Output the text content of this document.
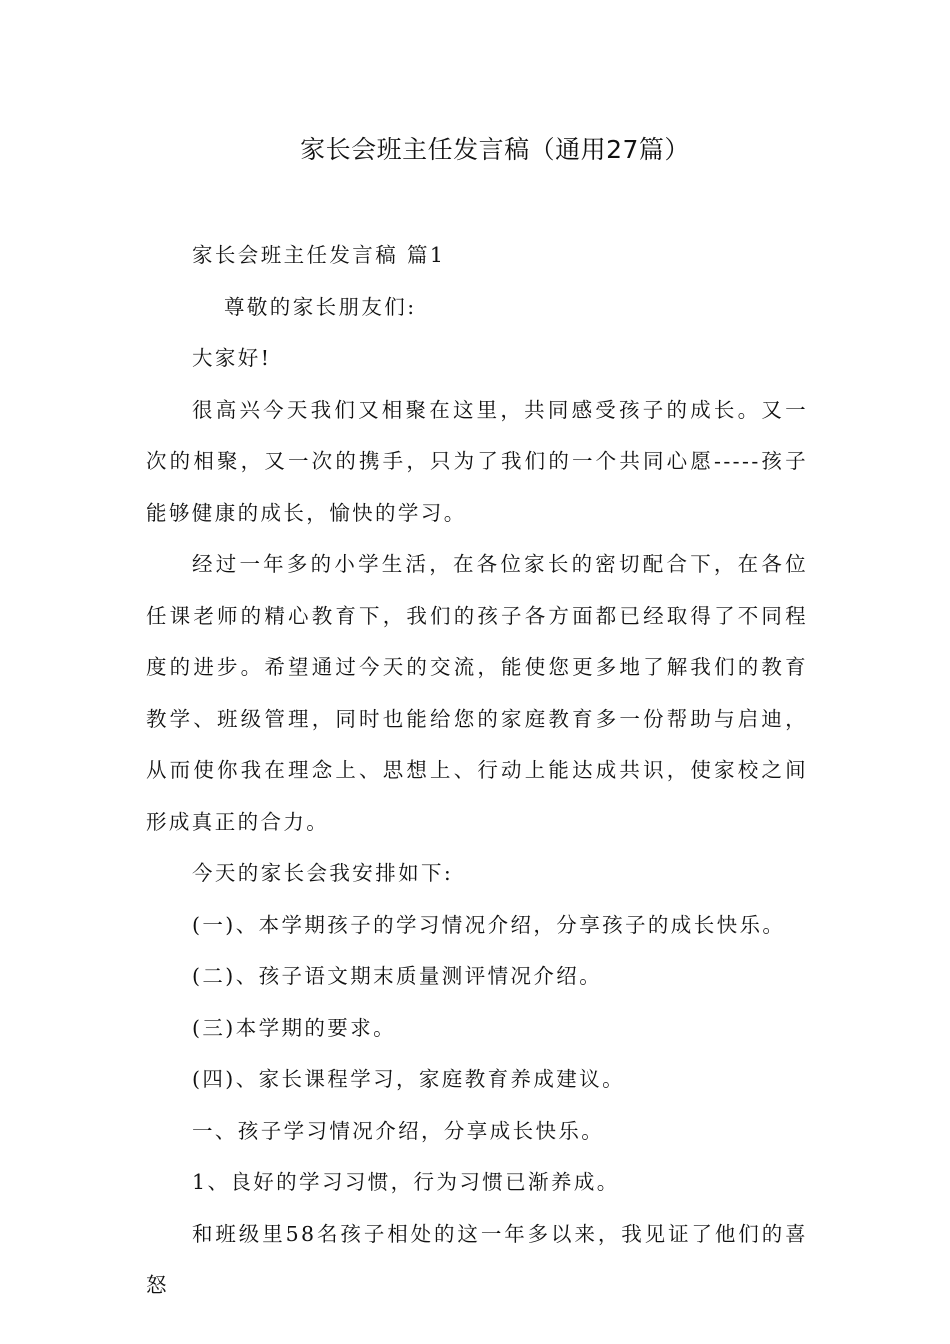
家长会班主任发言稿（通用27篇）

家长会班主任发言稿 篇1

尊敬的家长朋友们:

大家好!

很高兴今天我们又相聚在这里，共同感受孩子的成长。又一次的相聚，又一次的携手，只为了我们的一个共同心愿-----孩子能够健康的成长，愉快的学习。

经过一年多的小学生活，在各位家长的密切配合下，在各位任课老师的精心教育下，我们的孩子各方面都已经取得了不同程度的进步。希望通过今天的交流，能使您更多地了解我们的教育教学、班级管理，同时也能给您的家庭教育多一份帮助与启迪，从而使你我在理念上、思想上、行动上能达成共识，使家校之间形成真正的合力。

今天的家长会我安排如下:

(一)、本学期孩子的学习情况介绍，分享孩子的成长快乐。

(二)、孩子语文期末质量测评情况介绍。

(三)本学期的要求。

(四)、家长课程学习，家庭教育养成建议。

一、孩子学习情况介绍，分享成长快乐。

1、良好的学习习惯，行为习惯已渐养成。

和班级里58名孩子相处的这一年多以来，我见证了他们的喜怒
